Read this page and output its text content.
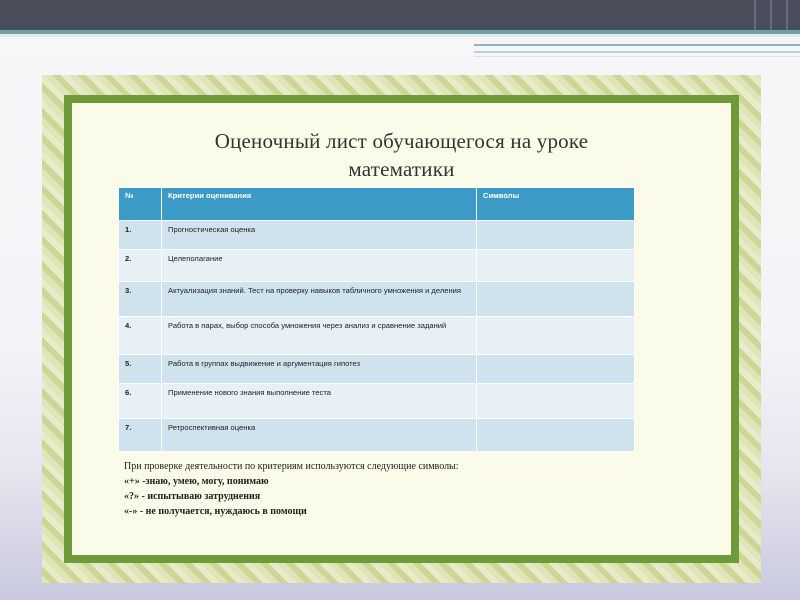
Оценочный лист обучающегося на уроке
математики
№	Критерии оценивания	Символы
1.	Прогностическая оценка	
2.	Целеполагание	
3.	Актуализация знаний. Тест на проверку навыков табличного умножения и деления	
4.	Работа в парах, выбор способа умножения через анализ и сравнение заданий	
5.	Работа в группах выдвижение и аргументация гипотез	
6.	Применение нового знания выполнение теста	
7.	Ретроспективная оценка	
При проверке деятельности по критериям используются следующие символы:
«+» -знаю, умею, могу, понимаю
«?» - испытываю затруднения
«-» - не получается, нуждаюсь в помощи
